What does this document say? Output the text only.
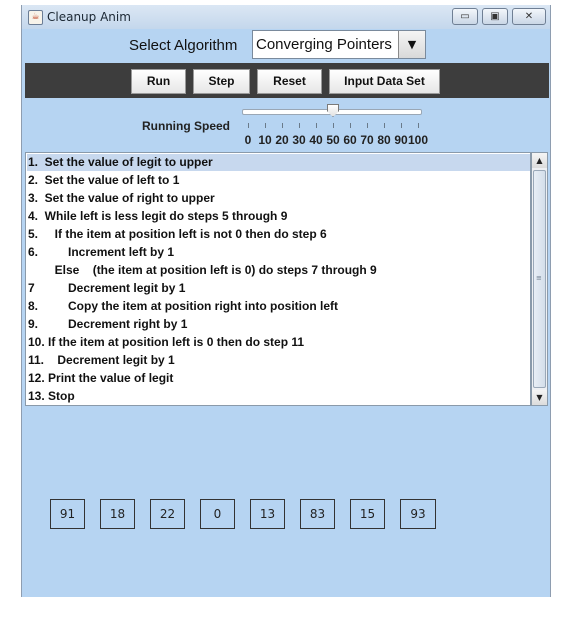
☕ Cleanup Anim	▭	▣	✕
Select Algorithm Converging Pointers	▼
Run	Step	Reset	Input Data Set
Running Speed
0 10 20 30 40 50 60 70 80 90 100
1.  Set the value of legit to upper
2.  Set the value of left to 1
3.  Set the value of right to upper
4.  While left is less legit do steps 5 through 9
5.     If the item at position left is not 0 then do step 6
6.         Increment left by 1
Else    (the item at position left is 0) do steps 7 through 9
7          Decrement legit by 1
8.         Copy the item at position right into position left
9.         Decrement right by 1
10. If the item at position left is 0 then do step 11
11.    Decrement legit by 1
12. Print the value of legit
13. Stop
▲
≡
▼
91	18	22	0	13	83	15	93
